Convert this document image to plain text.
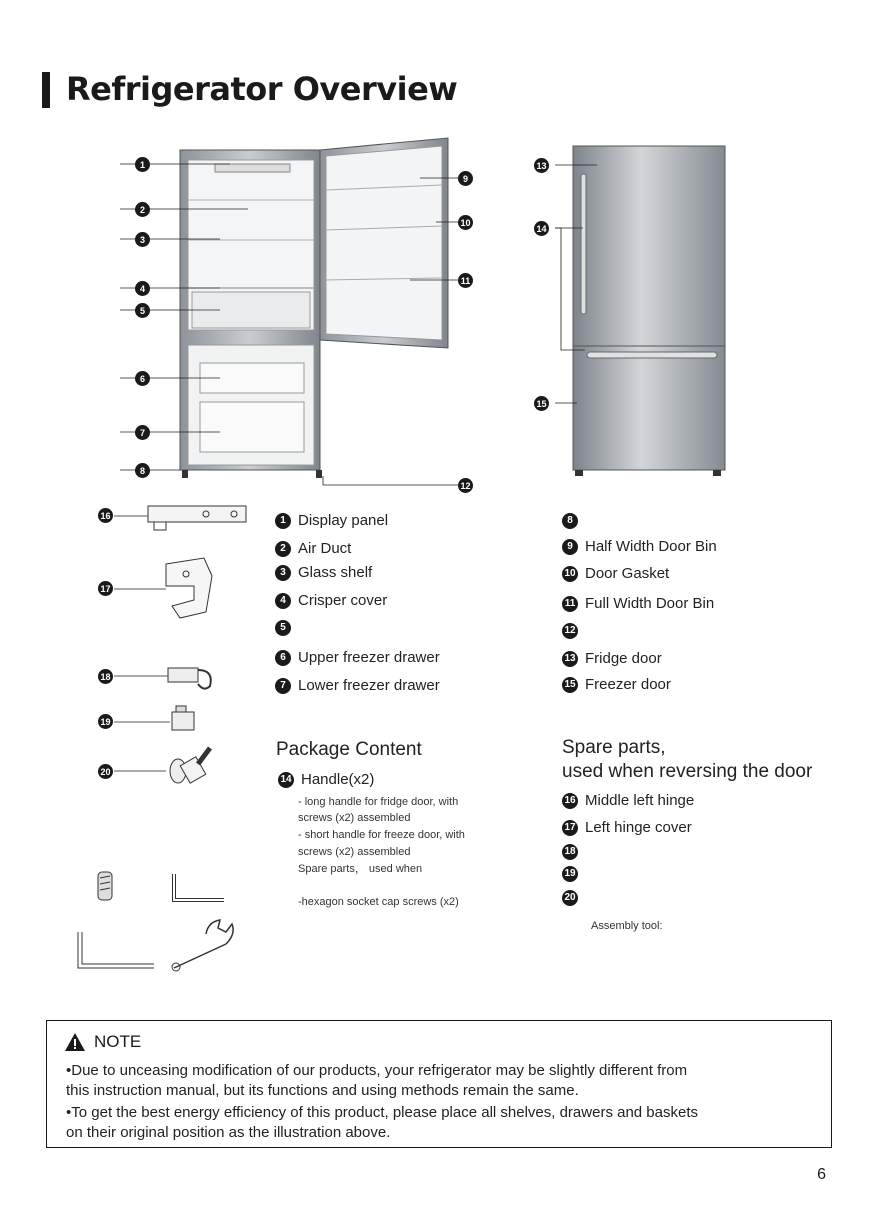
Refrigerator Overview
1
2
3
4
5
6
7
8
9
10
11
12
13
14
15
16
17
18
19
20
1 Display panel
2 Air Duct
3 Glass shelf
4 Crisper cover
5
6 Upper freezer drawer
7 Lower freezer drawer
8
9 Half Width Door Bin
10 Door Gasket
11 Full Width Door Bin
12
13 Fridge door
15 Freezer door
Package Content
14 Handle(x2)
- long handle for fridge door, with
screws (x2) assembled
- short handle for freeze door, with
screws (x2) assembled
Spare parts， used when
-hexagon socket cap screws (x2)
Spare parts,
used when reversing the door
16 Middle left hinge
17 Left hinge cover
18
19
20
Assembly tool:
NOTE
•Due to unceasing modification of our products, your refrigerator may be slightly different from
this instruction manual, but its functions and using methods remain the same.
•To get the best energy efficiency of this product, please place all shelves, drawers and baskets
on their original position as the illustration above.
6
